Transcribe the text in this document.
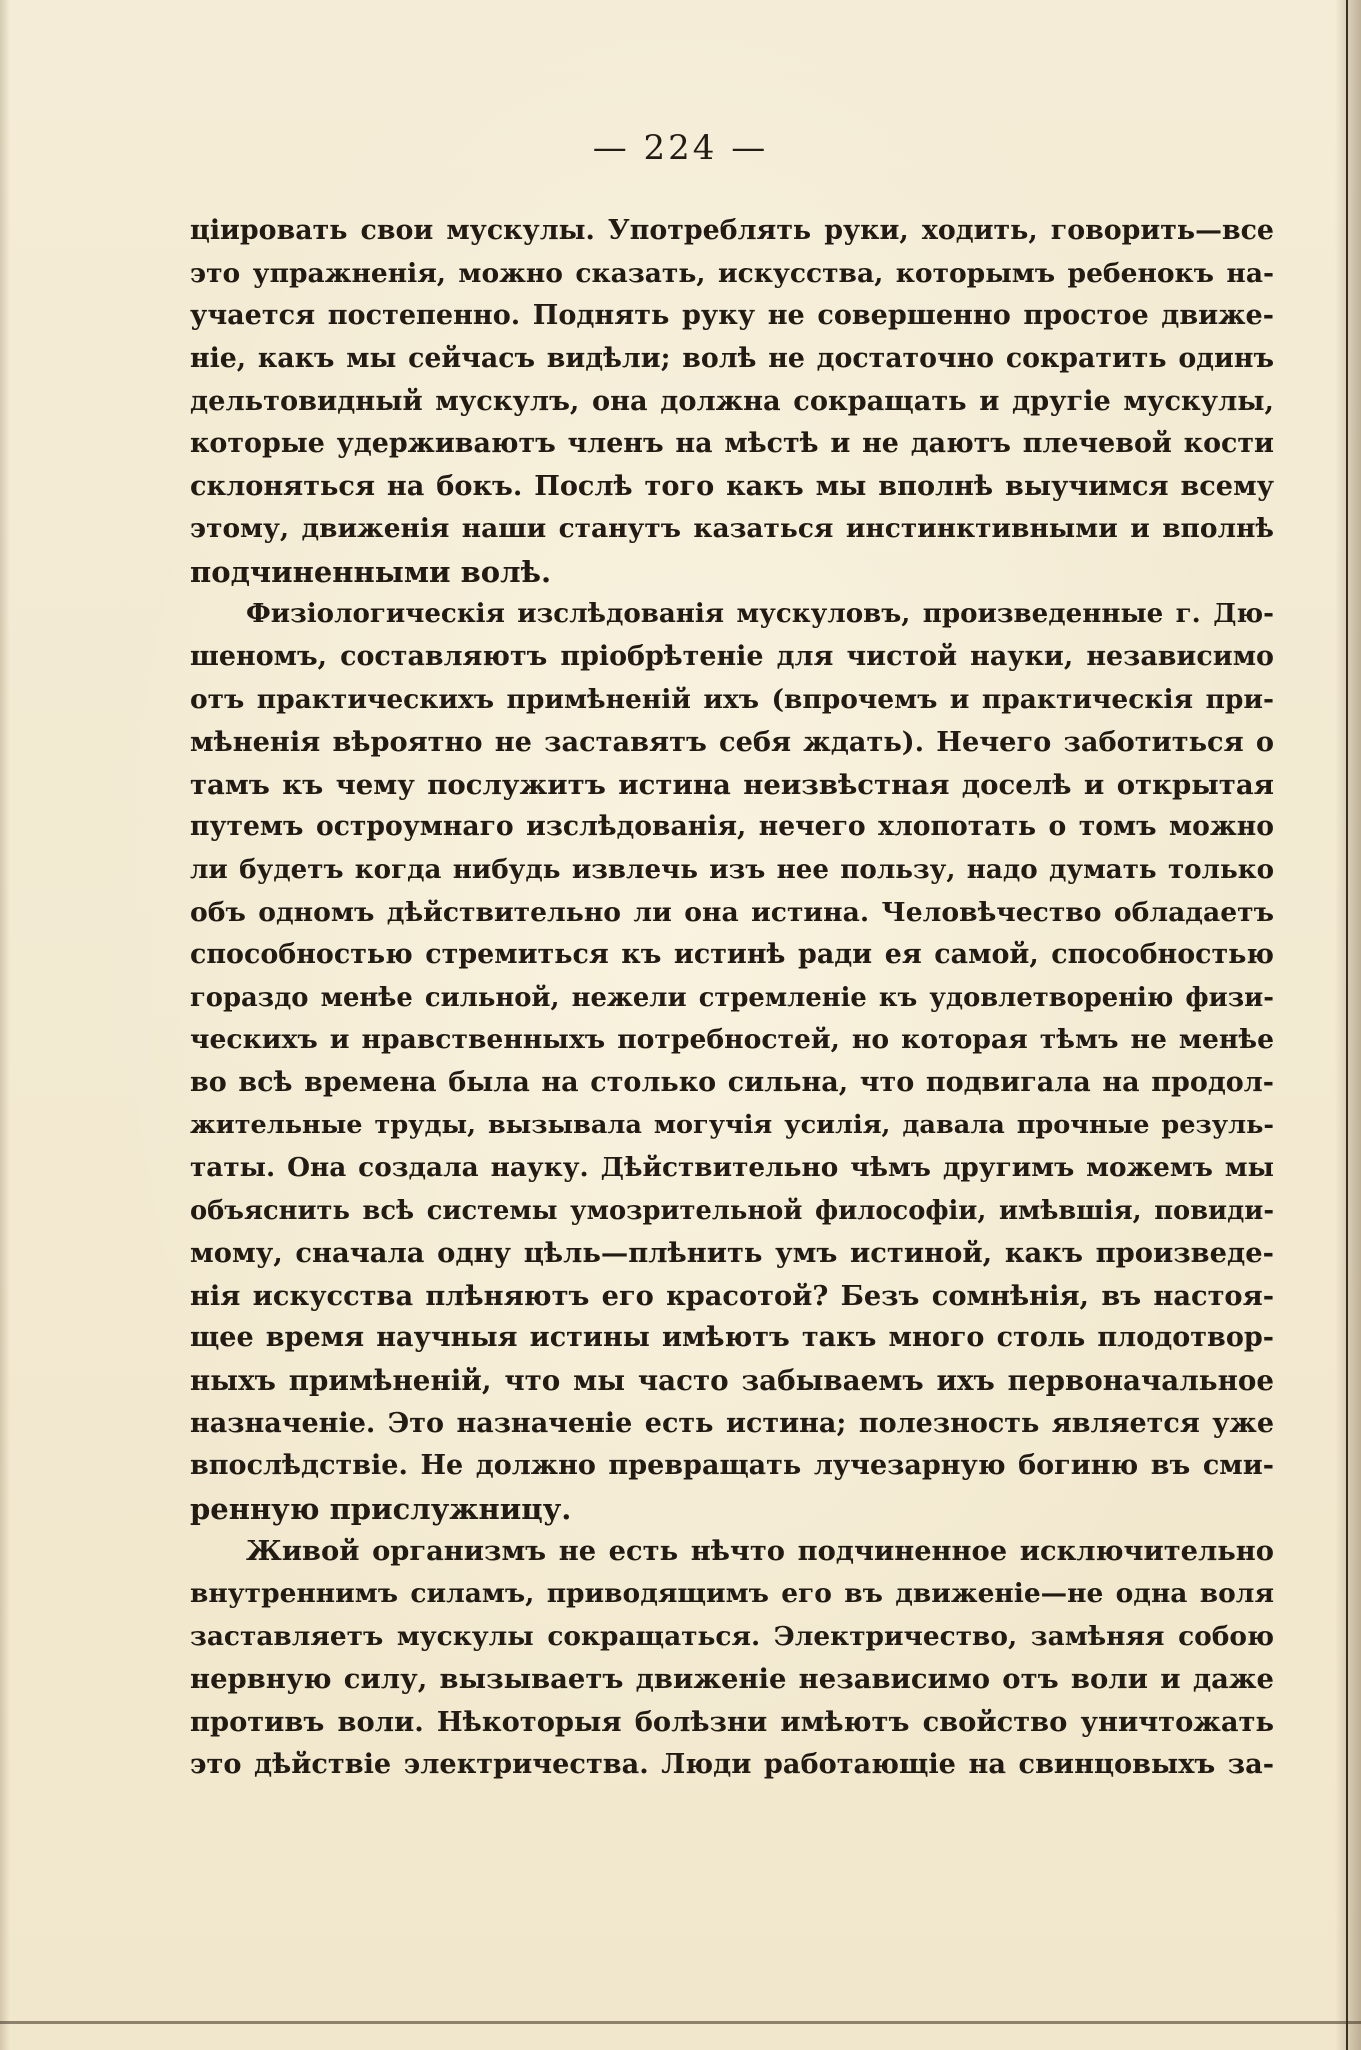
— 224 —
ціировать свои мускулы. Употреблять руки, ходить, говорить—все
это упражненія, можно сказать, искусства, которымъ ребенокъ на-
учается постепенно. Поднять руку не совершенно простое движе-
ніе, какъ мы сейчасъ видѣли; волѣ не достаточно сократить одинъ
дельтовидный мускулъ, она должна сокращать и другіе мускулы,
которые удерживаютъ членъ на мѣстѣ и не даютъ плечевой кости
склоняться на бокъ. Послѣ того какъ мы вполнѣ выучимся всему
этому, движенія наши станутъ казаться инстинктивными и вполнѣ
подчиненными волѣ.
Физіологическія изслѣдованія мускуловъ, произведенные г. Дю-
шеномъ, составляютъ пріобрѣтеніе для чистой науки, независимо
отъ практическихъ примѣненій ихъ (впрочемъ и практическія при-
мѣненія вѣроятно не заставятъ себя ждать). Нечего заботиться о
тамъ къ чему послужитъ истина неизвѣстная доселѣ и открытая
путемъ остроумнаго изслѣдованія, нечего хлопотать о томъ можно
ли будетъ когда нибудь извлечь изъ нее пользу, надо думать только
объ одномъ дѣйствительно ли она истина. Человѣчество обладаетъ
способностью стремиться къ истинѣ ради ея самой, способностью
гораздо менѣе сильной, нежели стремленіе къ удовлетворенію физи-
ческихъ и нравственныхъ потребностей, но которая тѣмъ не менѣе
во всѣ времена была на столько сильна, что подвигала на продол-
жительные труды, вызывала могучія усилія, давала прочные резуль-
таты. Она создала науку. Дѣйствительно чѣмъ другимъ можемъ мы
объяснить всѣ системы умозрительной философіи, имѣвшія, повиди-
мому, сначала одну цѣль—плѣнить умъ истиной, какъ произведе-
нія искусства плѣняютъ его красотой? Безъ сомнѣнія, въ настоя-
щее время научныя истины имѣютъ такъ много столь плодотвор-
ныхъ примѣненій, что мы часто забываемъ ихъ первоначальное
назначеніе. Это назначеніе есть истина; полезность является уже
впослѣдствіе. Не должно превращать лучезарную богиню въ сми-
ренную прислужницу.
Живой организмъ не есть нѣчто подчиненное исключительно
внутреннимъ силамъ, приводящимъ его въ движеніе—не одна воля
заставляетъ мускулы сокращаться. Электричество, замѣняя собою
нервную силу, вызываетъ движеніе независимо отъ воли и даже
противъ воли. Нѣкоторыя болѣзни имѣютъ свойство уничтожать
это дѣйствіе электричества. Люди работающіе на свинцовыхъ за-
